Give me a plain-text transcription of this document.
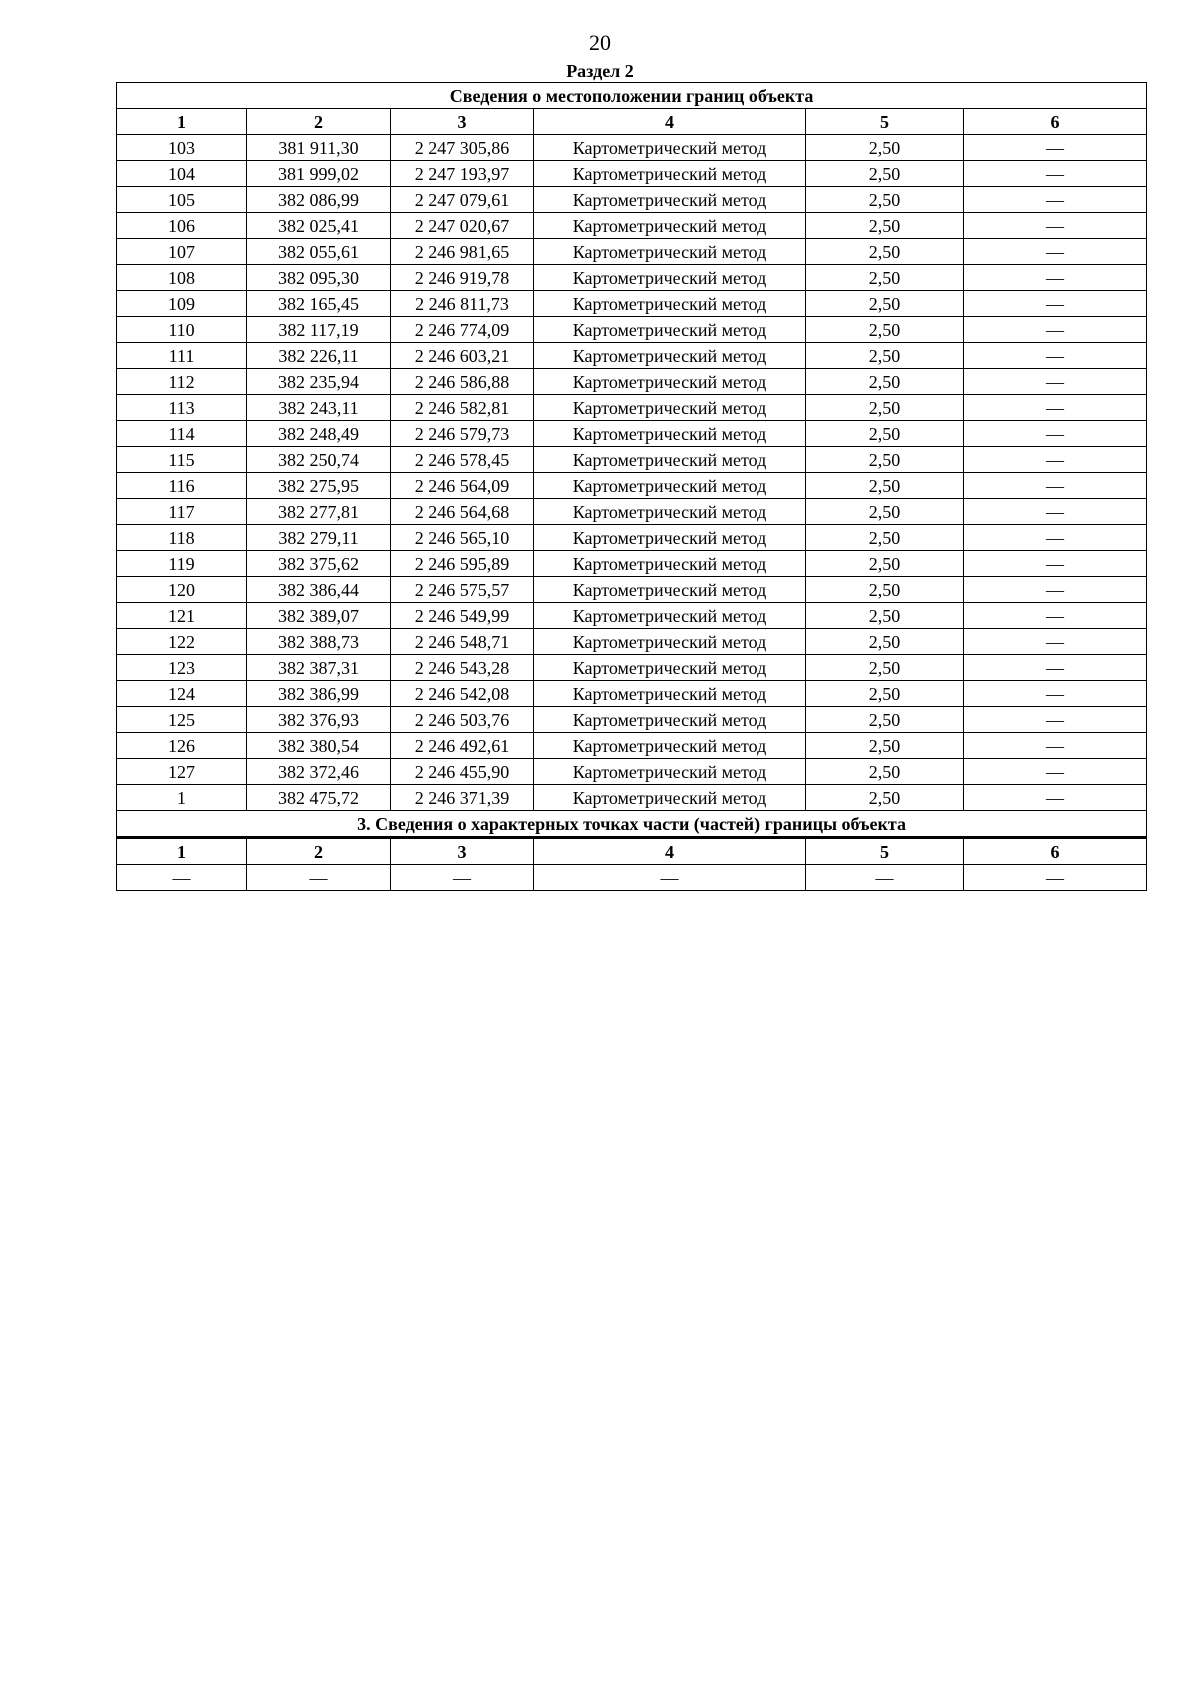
20
Раздел 2
Сведения о местоположении границ объекта					
1	2	3	4	5	6
103	381 911,30	2 247 305,86	Картометрический метод	2,50	—
104	381 999,02	2 247 193,97	Картометрический метод	2,50	—
105	382 086,99	2 247 079,61	Картометрический метод	2,50	—
106	382 025,41	2 247 020,67	Картометрический метод	2,50	—
107	382 055,61	2 246 981,65	Картометрический метод	2,50	—
108	382 095,30	2 246 919,78	Картометрический метод	2,50	—
109	382 165,45	2 246 811,73	Картометрический метод	2,50	—
110	382 117,19	2 246 774,09	Картометрический метод	2,50	—
111	382 226,11	2 246 603,21	Картометрический метод	2,50	—
112	382 235,94	2 246 586,88	Картометрический метод	2,50	—
113	382 243,11	2 246 582,81	Картометрический метод	2,50	—
114	382 248,49	2 246 579,73	Картометрический метод	2,50	—
115	382 250,74	2 246 578,45	Картометрический метод	2,50	—
116	382 275,95	2 246 564,09	Картометрический метод	2,50	—
117	382 277,81	2 246 564,68	Картометрический метод	2,50	—
118	382 279,11	2 246 565,10	Картометрический метод	2,50	—
119	382 375,62	2 246 595,89	Картометрический метод	2,50	—
120	382 386,44	2 246 575,57	Картометрический метод	2,50	—
121	382 389,07	2 246 549,99	Картометрический метод	2,50	—
122	382 388,73	2 246 548,71	Картометрический метод	2,50	—
123	382 387,31	2 246 543,28	Картометрический метод	2,50	—
124	382 386,99	2 246 542,08	Картометрический метод	2,50	—
125	382 376,93	2 246 503,76	Картометрический метод	2,50	—
126	382 380,54	2 246 492,61	Картометрический метод	2,50	—
127	382 372,46	2 246 455,90	Картометрический метод	2,50	—
1	382 475,72	2 246 371,39	Картометрический метод	2,50	—
3. Сведения о характерных точках части (частей) границы объекта					
1	2	3	4	5	6
—	—	—	—	—	—
